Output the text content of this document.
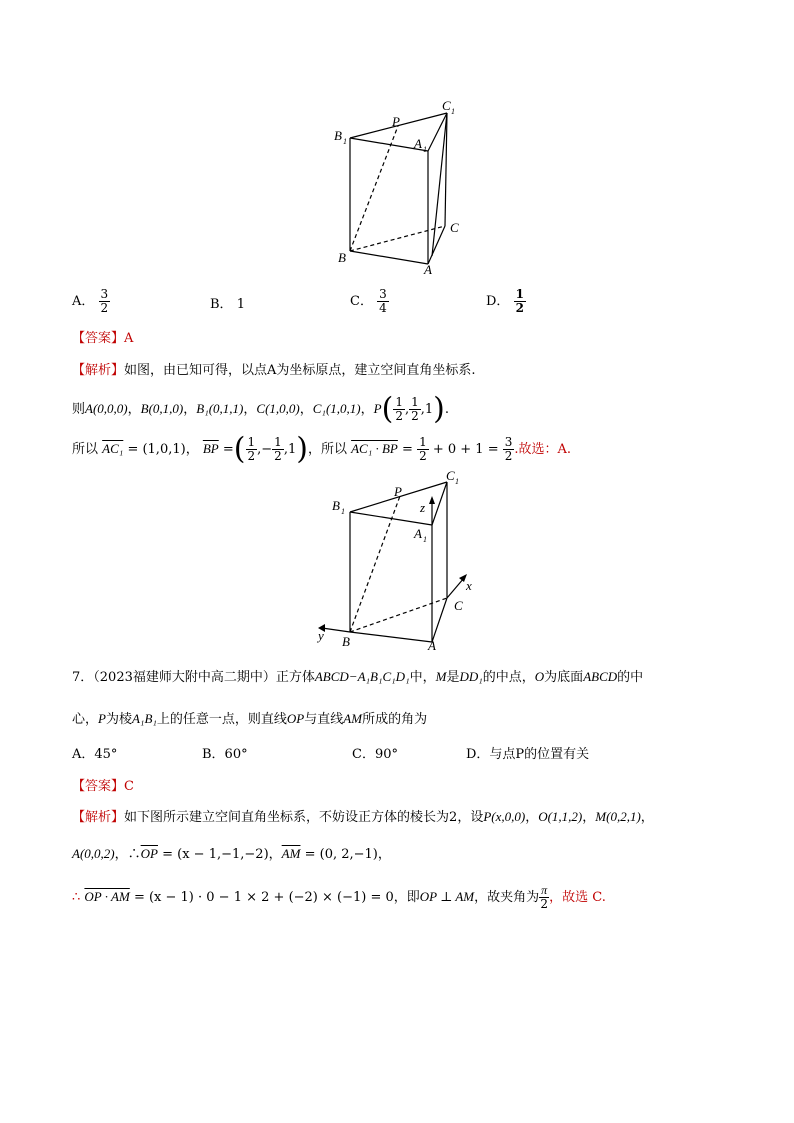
B 1
C 1
P
A 1
C
B
A
A． $\frac{3}{2}$	B． 1	C． $\frac{3}{4}$	D． $\frac{1}{2}$
【答案】A
【解析】如图，由已知可得，以点A为坐标原点，建立空间直角坐标系.
则A(0,0,0)，B(0,1,0)，B₁(0,1,1)，C(1,0,0)，C₁(1,0,1)，$P( \frac{1}{2}$ , $\frac{1}{2} ,1$).
所以 AC₁ = (1,0,1)， $\overline{BP}$ =( $\frac{1}{2}$ ,− $\frac{1}{2} ,1$)，所以 AC₁ · BP = $\frac{1}{2} + 0 + 1 = \frac{3}{2}$ .故选：A.
B 1
C 1
P
z
A 1
x
C
y B	A
7．（2023福建师大附中高二期中）正方体ABCD−A₁B₁C₁D₁中，M是DD₁的中点，O为底面ABCD的中
心，P为棱A₁B₁上的任意一点，则直线OP与直线AM所成的角为
A．45°	B．60°	C．90°	D．与点P的位置有关
【答案】C
【解析】如下图所示建立空间直角坐标系，不妨设正方体的棱长为2，设P(x,0,0)，O(1,1,2)，M(0,2,1)，
A(0,0,2)，$\therefore\overline{OP} = (x - 1,-1,-2)$，$\overline{AM} = (0$, 2,−1)，
∴ OP · AM = (x − 1) · 0 − 1 × 2 + (−2) × (−1) = 0，即OP ⊥ AM，故夹角为 $\frac{\pi}{2}$ ，故选 C.
